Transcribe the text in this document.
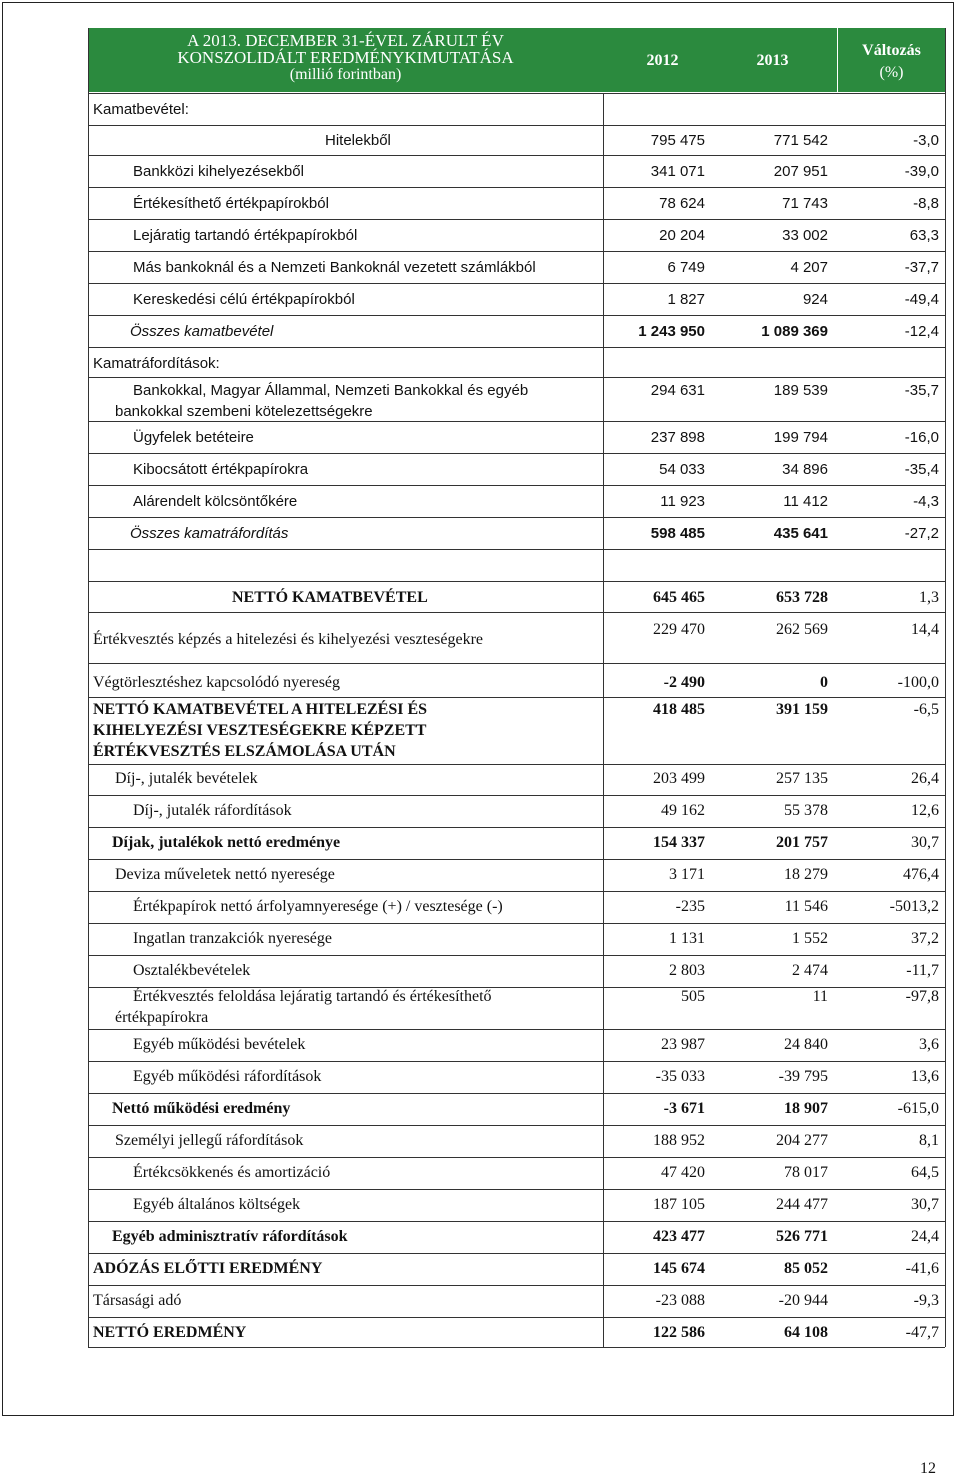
A 2013. DECEMBER 31-ÉVEL ZÁRULT ÉV
KONSZOLIDÁLT EREDMÉNYKIMUTATÁSA
(millió forintban)
2012	2013
Változás
(%)
Kamatbevétel:
Hitelekből	795 475	771 542	-3,0
Bankközi kihelyezésekből	341 071	207 951	-39,0
Értékesíthető értékpapírokból	78 624	71 743	-8,8
Lejáratig tartandó értékpapírokból	20 204	33 002	63,3
Más bankoknál és a Nemzeti Bankoknál vezetett számlákból	6 749	4 207	-37,7
Kereskedési célú értékpapírokból	1 827	924	-49,4
Összes kamatbevétel	1 243 950	1 089 369	-12,4
Kamatráfordítások:
Bankokkal, Magyar Állammal, Nemzeti Bankokkal és egyéb
bankokkal szembeni kötelezettségekre
294 631	189 539	-35,7
Ügyfelek betéteire	237 898	199 794	-16,0
Kibocsátott értékpapírokra	54 033	34 896	-35,4
Alárendelt kölcsöntőkére	11 923	11 412	-4,3
Összes kamatráfordítás	598 485	435 641	-27,2
NETTÓ KAMATBEVÉTEL	645 465	653 728	1,3
Értékvesztés képzés a hitelezési és kihelyezési veszteségekre
229 470	262 569	14,4
Végtörlesztéshez kapcsolódó nyereség	-2 490	0	-100,0
NETTÓ KAMATBEVÉTEL A HITELEZÉSI ÉS
KIHELYEZÉSI VESZTESÉGEKRE KÉPZETT
ÉRTÉKVESZTÉS ELSZÁMOLÁSA UTÁN
418 485	391 159	-6,5
Díj-, jutalék bevételek	203 499	257 135	26,4
Díj-, jutalék ráfordítások	49 162	55 378	12,6
Díjak, jutalékok nettó eredménye	154 337	201 757	30,7
Deviza műveletek nettó nyeresége	3 171	18 279	476,4
Értékpapírok nettó árfolyamnyeresége (+) / vesztesége (-)	-235	11 546	-5013,2
Ingatlan tranzakciók nyeresége	1 131	1 552	37,2
Osztalékbevételek	2 803	2 474	-11,7
Értékvesztés feloldása lejáratig tartandó és értékesíthető
értékpapírokra
505	11	-97,8
Egyéb működési bevételek	23 987	24 840	3,6
Egyéb működési ráfordítások	-35 033	-39 795	13,6
Nettó működési eredmény	-3 671	18 907	-615,0
Személyi jellegű ráfordítások	188 952	204 277	8,1
Értékcsökkenés és amortizáció	47 420	78 017	64,5
Egyéb általános költségek	187 105	244 477	30,7
Egyéb adminisztratív ráfordítások	423 477	526 771	24,4
ADÓZÁS ELŐTTI EREDMÉNY	145 674	85 052	-41,6
Társasági adó	-23 088	-20 944	-9,3
NETTÓ EREDMÉNY	122 586	64 108	-47,7
12
